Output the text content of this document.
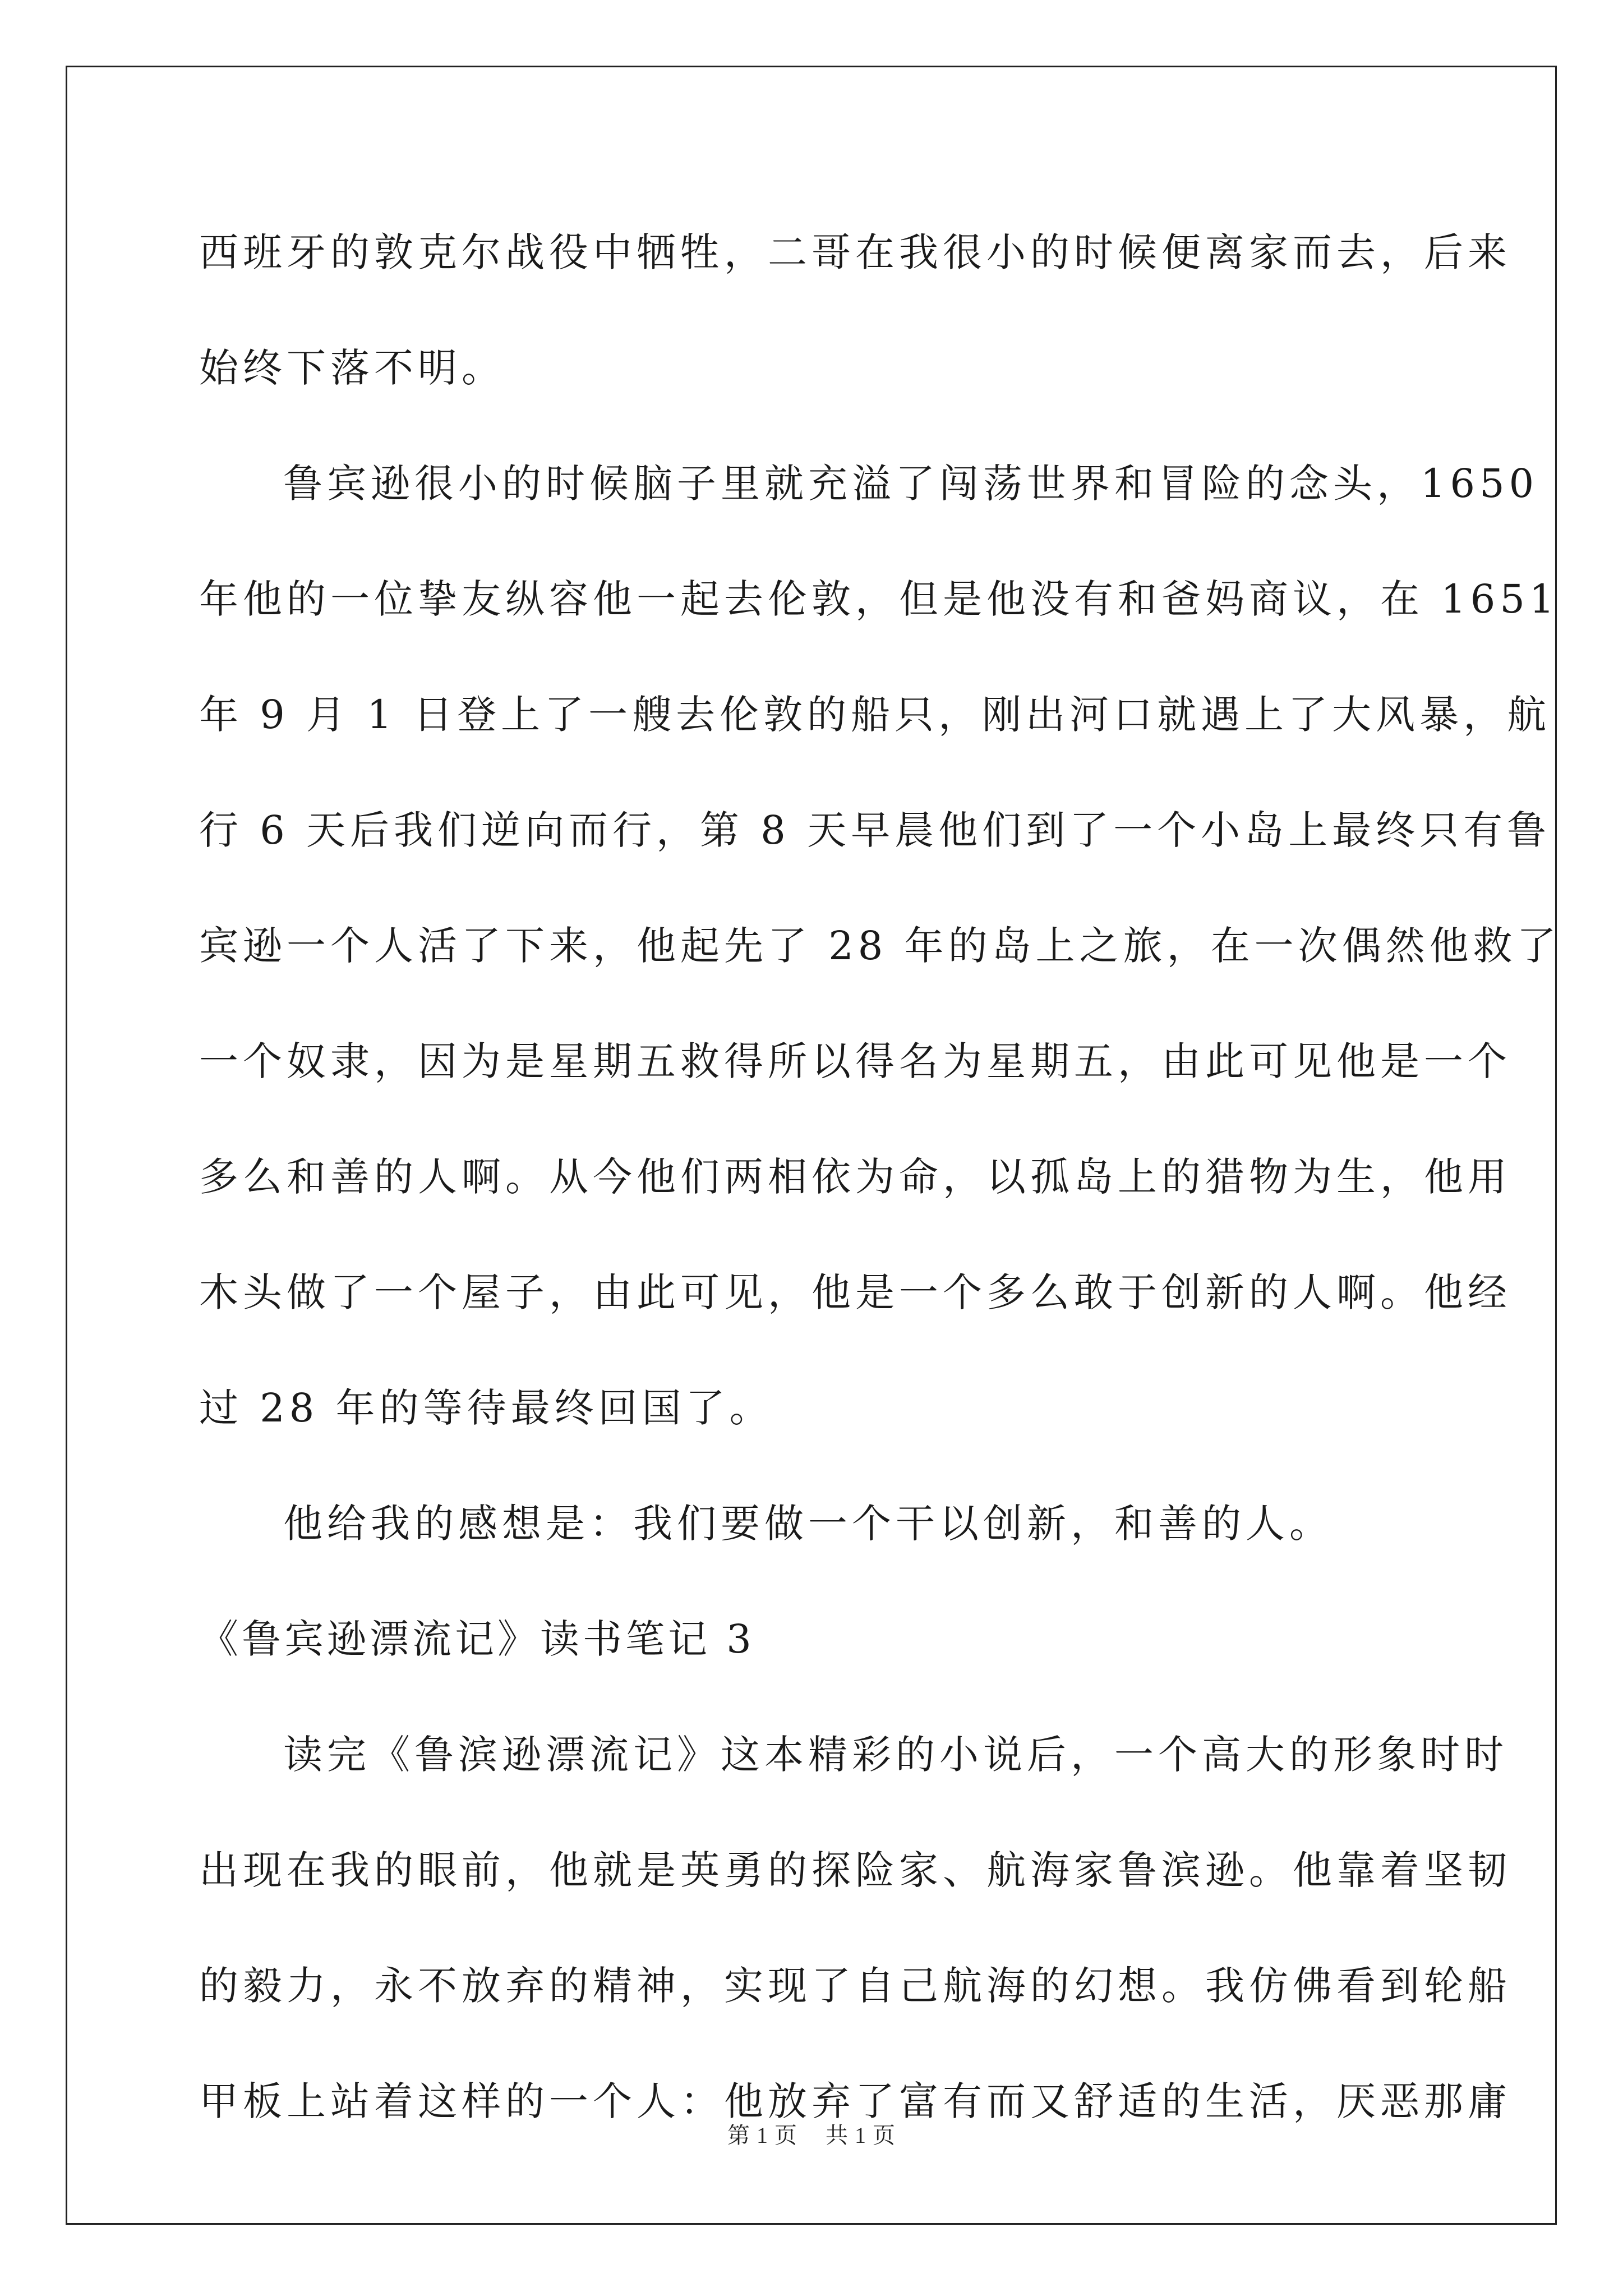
西班牙的敦克尔战役中牺牲，二哥在我很小的时候便离家而去，后来
始终下落不明。
鲁宾逊很小的时候脑子里就充溢了闯荡世界和冒险的念头，1650
年他的一位挚友纵容他一起去伦敦，但是他没有和爸妈商议，在 1651
年 9 月 1 日登上了一艘去伦敦的船只，刚出河口就遇上了大风暴，航
行 6 天后我们逆向而行，第 8 天早晨他们到了一个小岛上最终只有鲁
宾逊一个人活了下来，他起先了 28 年的岛上之旅，在一次偶然他救了
一个奴隶，因为是星期五救得所以得名为星期五，由此可见他是一个
多么和善的人啊。从今他们两相依为命，以孤岛上的猎物为生，他用
木头做了一个屋子，由此可见，他是一个多么敢于创新的人啊。他经
过 28 年的等待最终回国了。
他给我的感想是：我们要做一个干以创新，和善的人。
《鲁宾逊漂流记》读书笔记 3
读完《鲁滨逊漂流记》这本精彩的小说后，一个高大的形象时时
出现在我的眼前，他就是英勇的探险家、航海家鲁滨逊。他靠着坚韧
的毅力，永不放弃的精神，实现了自己航海的幻想。我仿佛看到轮船
甲板上站着这样的一个人：他放弃了富有而又舒适的生活，厌恶那庸
第 1 页 共 1 页
